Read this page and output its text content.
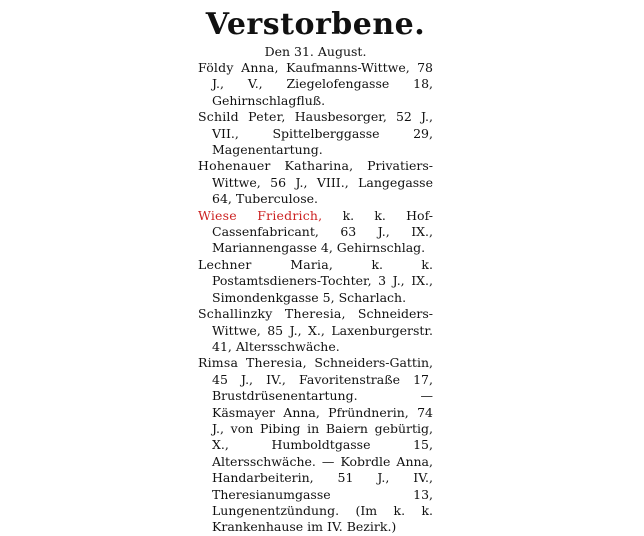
Verstorbene.

Den 31. August.

Földy Anna, Kaufmanns-Wittwe, 78 J., V., Ziegelofengasse 18, Gehirnschlagfluß.

Schild Peter, Hausbesorger, 52 J., VII., Spittelberggasse 29, Magenentartung.

Hohenauer Katharina, Privatiers-Wittwe, 56 J., VIII., Langegasse 64, Tuberculose.

Wiese Friedrich, k. k. Hof-Cassenfabricant, 63 J., IX., Mariannengasse 4, Gehirnschlag.

Lechner Maria, k. k. Postamtsdieners-Tochter, 3 J., IX., Simondenkgasse 5, Scharlach.

Schallinzky Theresia, Schneiders-Wittwe, 85 J., X., Laxenburgerstr. 41, Altersschwäche.

Rimsa Theresia, Schneiders-Gattin, 45 J., IV., Favoritenstraße 17, Brustdrüsenentartung. — Käsmayer Anna, Pfründnerin, 74 J., von Pibing in Baiern gebürtig, X., Humboldtgasse 15, Altersschwäche. — Kobrdle Anna, Handarbeiterin, 51 J., IV., Theresianumgasse 13, Lungenentzündung. (Im k. k. Krankenhause im IV. Bezirk.)
